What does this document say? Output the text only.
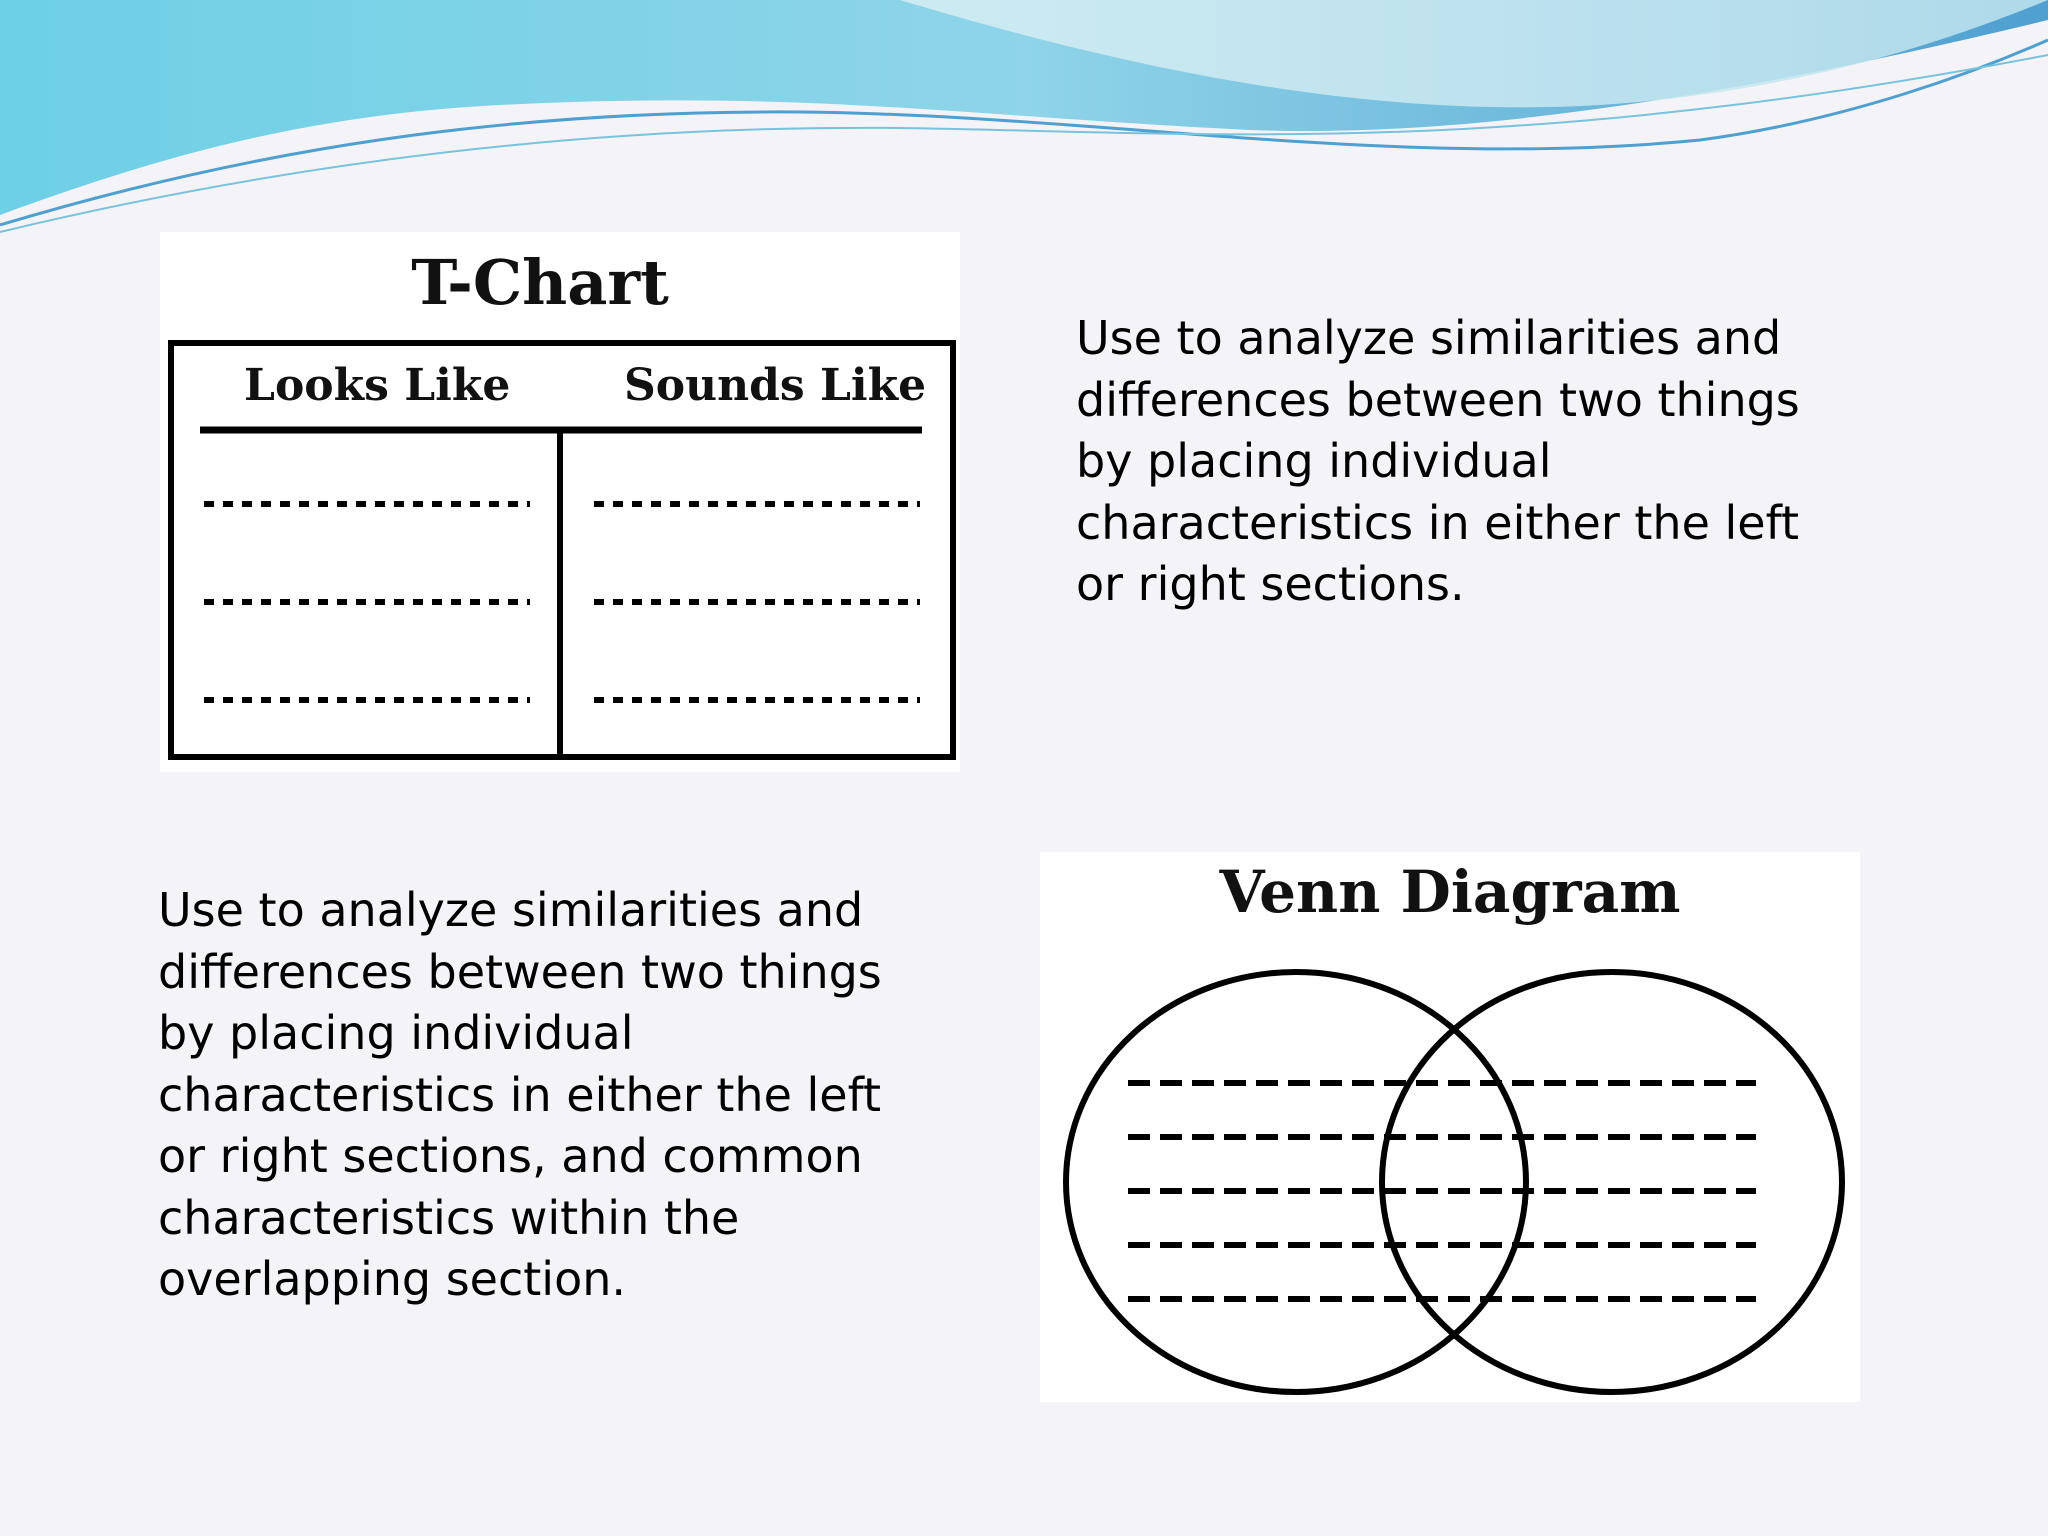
T-Chart
Looks Like	Sounds Like
Use to analyze similarities and
differences between two things
by placing individual
characteristics in either the left
or right sections.
Use to analyze similarities and
differences between two things
by placing individual
characteristics in either the left
or right sections, and common
characteristics within the
overlapping section.
Venn Diagram
